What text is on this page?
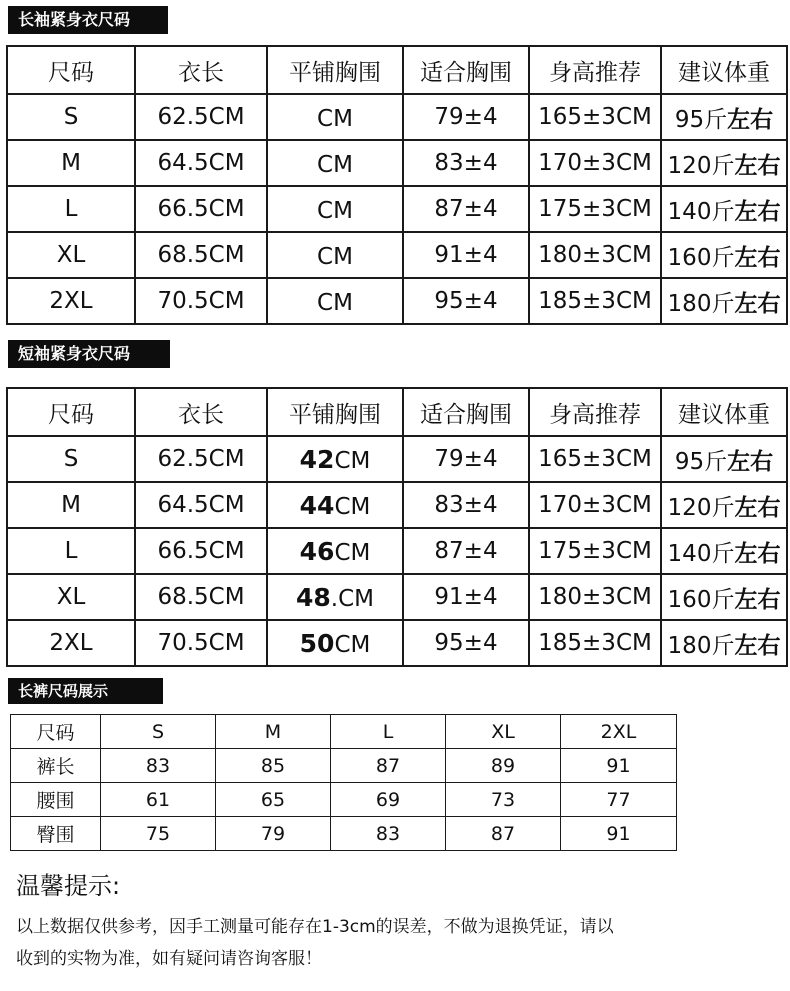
长袖紧身衣尺码
尺码	衣长	平铺胸围	适合胸围	身高推荐	建议体重
S	62.5CM	CM	79±4	165±3CM	95斤左右
M	64.5CM	CM	83±4	170±3CM	120斤左右
L	66.5CM	CM	87±4	175±3CM	140斤左右
XL	68.5CM	CM	91±4	180±3CM	160斤左右
2XL	70.5CM	CM	95±4	185±3CM	180斤左右
短袖紧身衣尺码
尺码	衣长	平铺胸围	适合胸围	身高推荐	建议体重
S	62.5CM	42CM	79±4	165±3CM	95斤左右
M	64.5CM	44CM	83±4	170±3CM	120斤左右
L	66.5CM	46CM	87±4	175±3CM	140斤左右
XL	68.5CM	48.CM	91±4	180±3CM	160斤左右
2XL	70.5CM	50CM	95±4	185±3CM	180斤左右
长裤尺码展示
尺码	S	M	L	XL	2XL
裤长	83	85	87	89	91
腰围	61	65	69	73	77
臀围	75	79	83	87	91
温馨提示:
以上数据仅供参考，因手工测量可能存在1-3cm的误差，不做为退换凭证，请以
收到的实物为准，如有疑问请咨询客服！
